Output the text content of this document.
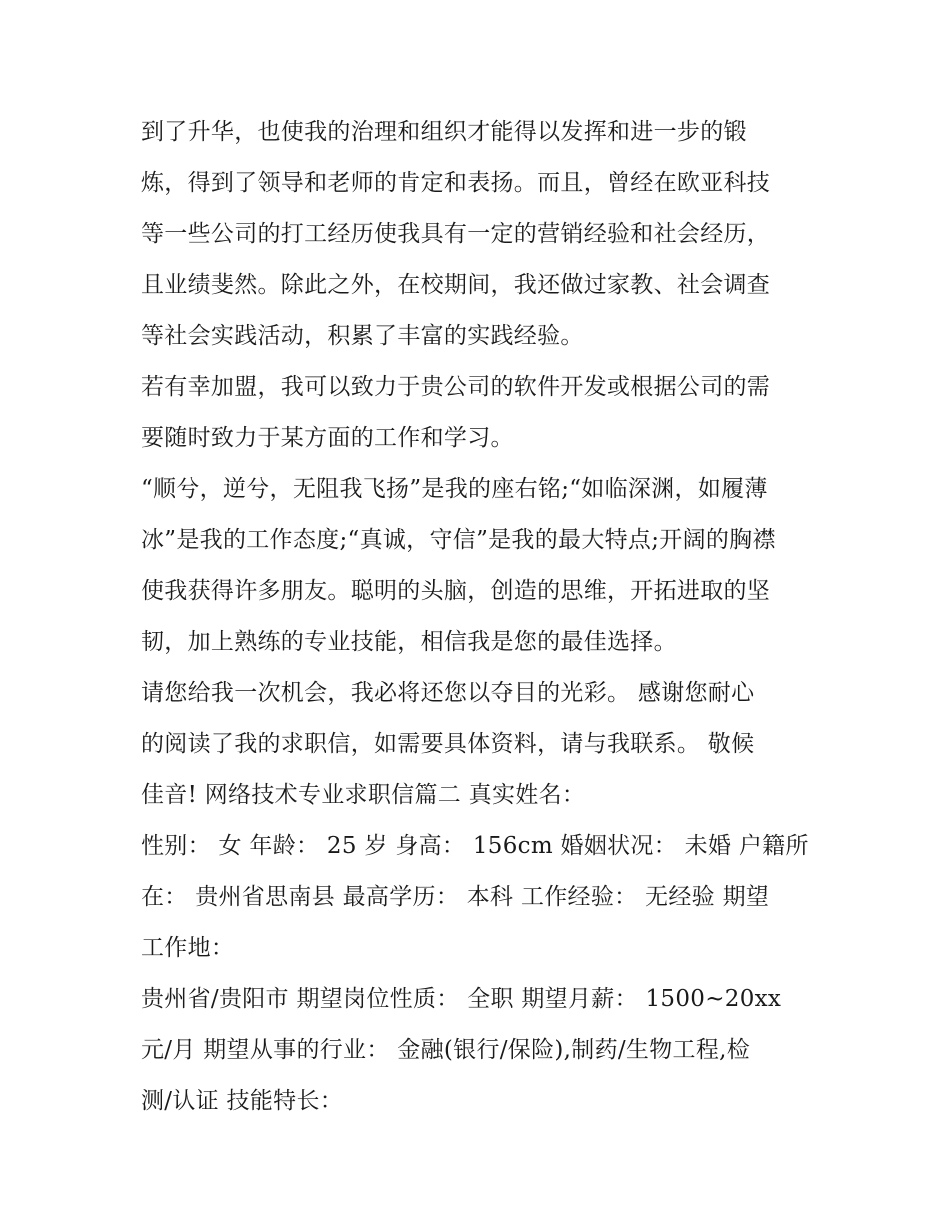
到了升华，也使我的治理和组织才能得以发挥和进一步的锻
炼，得到了领导和老师的肯定和表扬。而且，曾经在欧亚科技
等一些公司的打工经历使我具有一定的营销经验和社会经历，
且业绩斐然。除此之外，在校期间，我还做过家教、社会调查
等社会实践活动，积累了丰富的实践经验。
若有幸加盟，我可以致力于贵公司的软件开发或根据公司的需
要随时致力于某方面的工作和学习。
“顺兮，逆兮，无阻我飞扬”是我的座右铭;“如临深渊，如履薄
冰”是我的工作态度;“真诚，守信”是我的最大特点;开阔的胸襟
使我获得许多朋友。聪明的头脑，创造的思维，开拓进取的坚
韧，加上熟练的专业技能，相信我是您的最佳选择。
请您给我一次机会，我必将还您以夺目的光彩。 感谢您耐心
的阅读了我的求职信，如需要具体资料，请与我联系。 敬候
佳音! 网络技术专业求职信篇二 真实姓名：
性别： 女 年龄： 25 岁 身高： 156cm 婚姻状况： 未婚 户籍所
在： 贵州省思南县 最高学历： 本科 工作经验： 无经验 期望
工作地：
贵州省/贵阳市 期望岗位性质： 全职 期望月薪： 1500~20xx
元/月 期望从事的行业： 金融(银行/保险),制药/生物工程,检
测/认证 技能特长：
